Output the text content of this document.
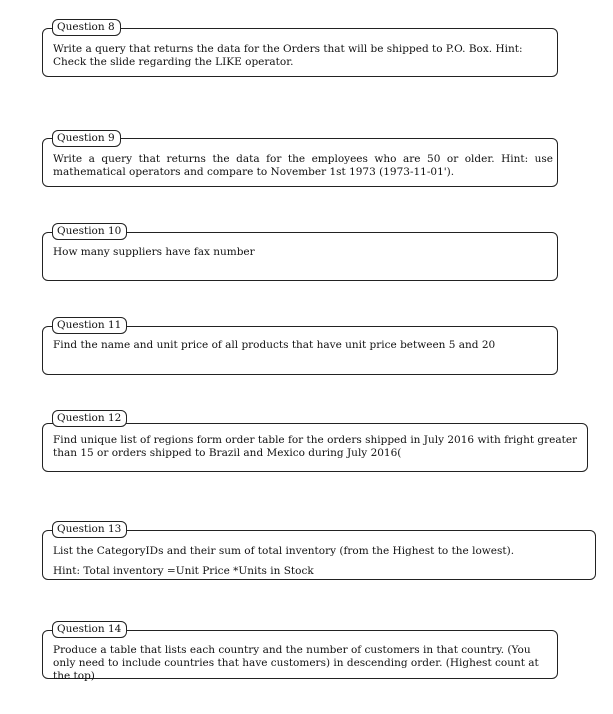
Question 8

Write a query that returns the data for the Orders that will be shipped to P.O. Box. Hint: Check the slide regarding the LIKE operator.

Question 9

Write a query that returns the data for the employees who are 50 or older. Hint: use mathematical operators and compare to November 1st 1973 (1973-11-01').

Question 10

How many suppliers have fax number

Question 11

Find the name and unit price of all products that have unit price between 5 and 20

Question 12

Find unique list of regions form order table for the orders shipped in July 2016 with fright greater than 15 or orders shipped to Brazil and Mexico during July 2016(

Question 13

List the CategoryIDs and their sum of total inventory (from the Highest to the lowest).

Hint: Total inventory =Unit Price *Units in Stock

Question 14

Produce a table that lists each country and the number of customers in that country. (You only need to include countries that have customers) in descending order. (Highest count at the top)
